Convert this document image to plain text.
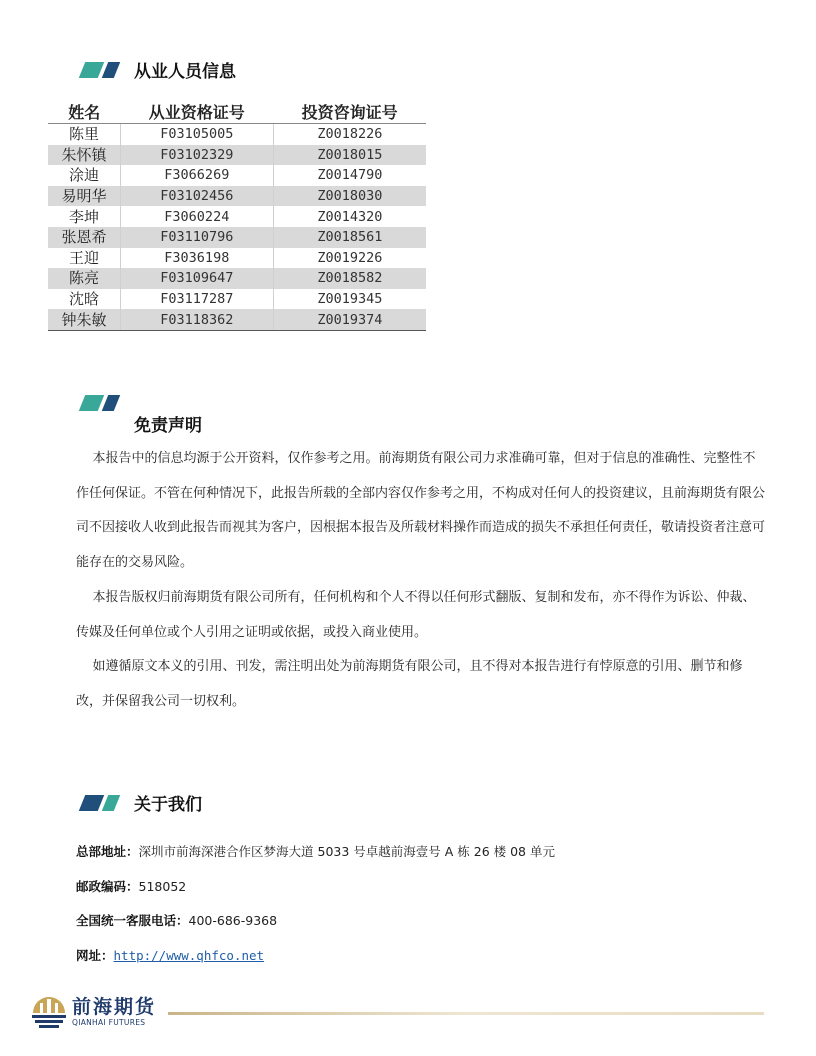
从业人员信息
姓名	从业资格证号	投资咨询证号
陈里	F03105005	Z0018226
朱怀镇	F03102329	Z0018015
涂迪	F3066269	Z0014790
易明华	F03102456	Z0018030
李坤	F3060224	Z0014320
张恩希	F03110796	Z0018561
王迎	F3036198	Z0019226
陈亮	F03109647	Z0018582
沈晗	F03117287	Z0019345
钟朱敏	F03118362	Z0019374
免责声明

本报告中的信息均源于公开资料，仅作参考之用。前海期货有限公司力求准确可靠，但对于信息的准确性、完整性不作任何保证。不管在何种情况下，此报告所载的全部内容仅作参考之用，不构成对任何人的投资建议，且前海期货有限公司不因接收人收到此报告而视其为客户，因根据本报告及所载材料操作而造成的损失不承担任何责任，敬请投资者注意可能存在的交易风险。

本报告版权归前海期货有限公司所有，任何机构和个人不得以任何形式翻版、复制和发布，亦不得作为诉讼、仲裁、传媒及任何单位或个人引用之证明或依据，或投入商业使用。

如遵循原文本义的引用、刊发，需注明出处为前海期货有限公司，且不得对本报告进行有悖原意的引用、删节和修改，并保留我公司一切权利。

关于我们
总部地址：深圳市前海深港合作区梦海大道 5033 号卓越前海壹号 A 栋 26 楼 08 单元
邮政编码：518052
全国统一客服电话：400-686-9368
网址：http://www.qhfco.net
前海期货
QIANHAI FUTURES
